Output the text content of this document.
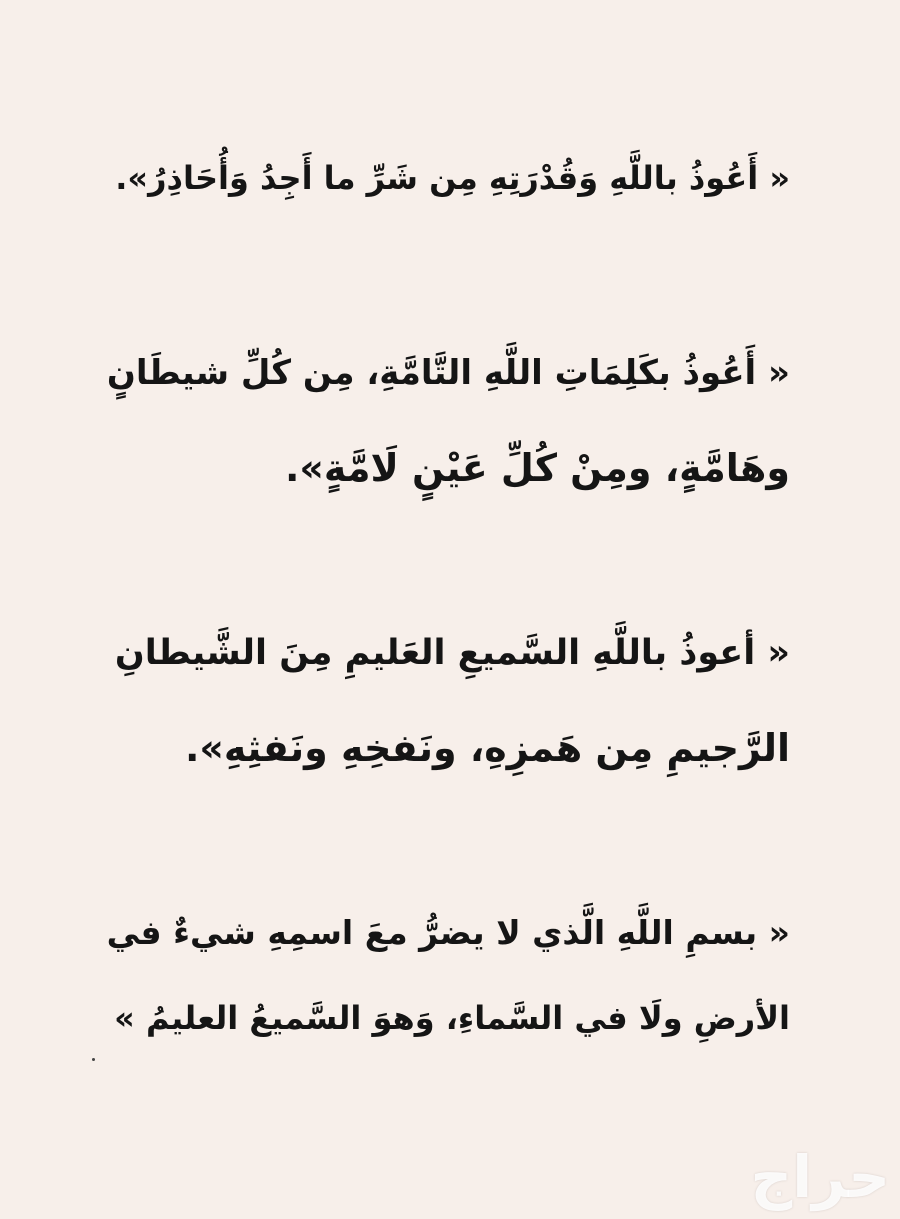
« أَعُوذُ باللَّهِ وَقُدْرَتِهِ مِن شَرِّ ما أَجِدُ وَأُحَاذِرُ».
« أَعُوذُ بكَلِمَاتِ اللَّهِ التَّامَّةِ، مِن كُلِّ شيطَانٍ
وهَامَّةٍ، ومِنْ كُلِّ عَيْنٍ لَامَّةٍ».
« أعوذُ باللَّهِ السَّميعِ العَليمِ مِنَ الشَّيطانِ
الرَّجيمِ مِن هَمزِهِ، ونَفخِهِ ونَفثِهِ».
« بسمِ اللَّهِ الَّذي لا يضرُّ معَ اسمِهِ شيءٌ في
الأرضِ ولَا في السَّماءِ، وَهوَ السَّميعُ العليمُ »
حراج
